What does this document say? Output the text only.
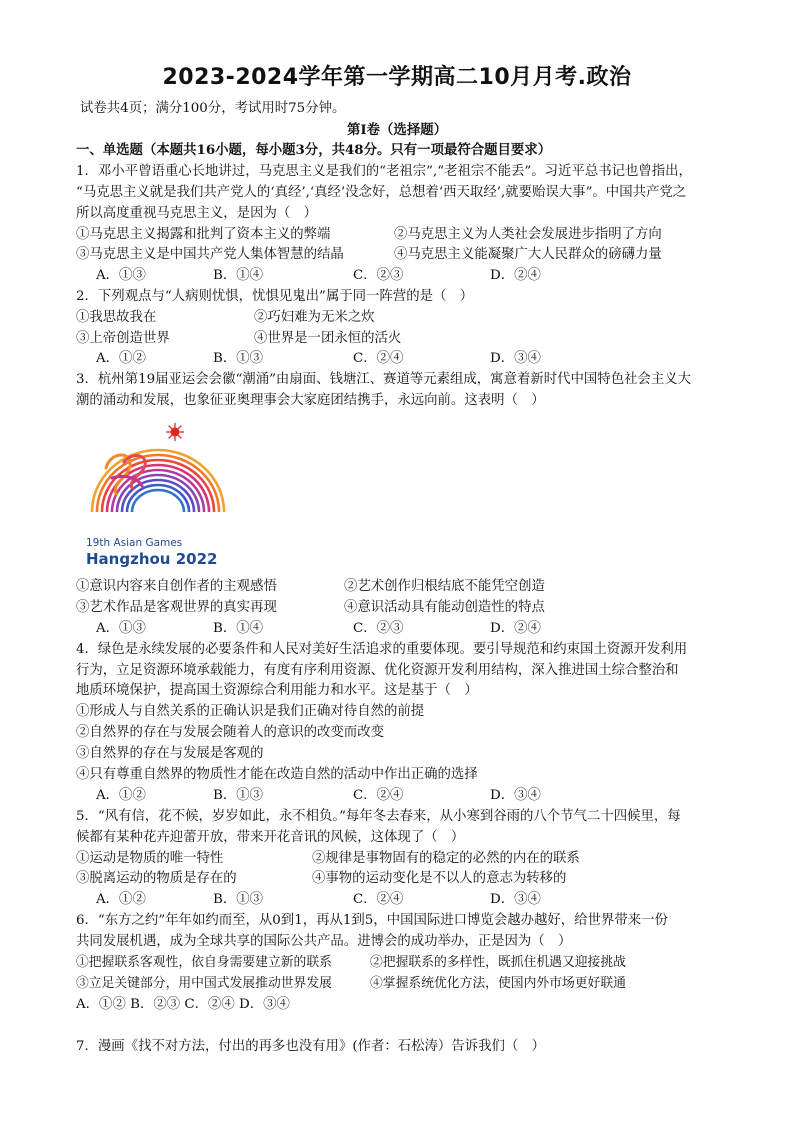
2023-2024学年第一学期高二10月月考.政治
试卷共4页；满分100分，考试用时75分钟。
第Ⅰ卷（选择题）
一、单选题（本题共16小题，每小题3分，共48分。只有一项最符合题目要求）
1．邓小平曾语重心长地讲过，马克思主义是我们的“老祖宗”,“老祖宗不能丢”。习近平总书记也曾指出，
“马克思主义就是我们共产党人的‘真经’,‘真经’没念好，总想着‘西天取经’,就要贻误大事”。中国共产党之
所以高度重视马克思主义，是因为（　）
①马克思主义揭露和批判了资本主义的弊端	②马克思主义为人类社会发展进步指明了方向
③马克思主义是中国共产党人集体智慧的结晶	④马克思主义能凝聚广大人民群众的磅礴力量
A．①③	B．①④	C．②③	D．②④
2．下列观点与“人病则忧惧，忧惧见鬼出”属于同一阵营的是（　）
①我思故我在	②巧妇难为无米之炊
③上帝创造世界	④世界是一团永恒的活火
A．①②	B．①③	C．②④	D．③④
3．杭州第19届亚运会会徽“潮涌”由扇面、钱塘江、赛道等元素组成，寓意着新时代中国特色社会主义大
潮的涌动和发展，也象征亚奥理事会大家庭团结携手，永远向前。这表明（　）
19th Asian Games
Hangzhou 2022
①意识内容来自创作者的主观感悟	②艺术创作归根结底不能凭空创造
③艺术作品是客观世界的真实再现	④意识活动具有能动创造性的特点
A．①③	B．①④	C．②③	D．②④
4．绿色是永续发展的必要条件和人民对美好生活追求的重要体现。要引导规范和约束国土资源开发利用
行为，立足资源环境承载能力，有度有序利用资源、优化资源开发利用结构，深入推进国土综合整治和
地质环境保护，提高国土资源综合利用能力和水平。这是基于（　）
①形成人与自然关系的正确认识是我们正确对待自然的前提
②自然界的存在与发展会随着人的意识的改变而改变
③自然界的存在与发展是客观的
④只有尊重自然界的物质性才能在改造自然的活动中作出正确的选择
A．①②	B．①③	C．②④	D．③④
5．“风有信，花不候，岁岁如此，永不相负。”每年冬去春来，从小寒到谷雨的八个节气二十四候里，每
候都有某种花卉迎蕾开放，带来开花音讯的风候，这体现了（　）
①运动是物质的唯一特性	②规律是事物固有的稳定的必然的内在的联系
③脱离运动的物质是存在的	④事物的运动变化是不以人的意志为转移的
A．①②	B．①③	C．②④	D．③④
6．“东方之约”年年如约而至，从0到1，再从1到5，中国国际进口博览会越办越好，给世界带来一份
共同发展机遇，成为全球共享的国际公共产品。进博会的成功举办，正是因为（　）
①把握联系客观性，依自身需要建立新的联系	②把握联系的多样性，既抓住机遇又迎接挑战
③立足关键部分，用中国式发展推动世界发展	④掌握系统优化方法，使国内外市场更好联通
A．①② B．②③ C．②④ D．③④
7．漫画《找不对方法，付出的再多也没有用》(作者：石松涛）告诉我们（　）
